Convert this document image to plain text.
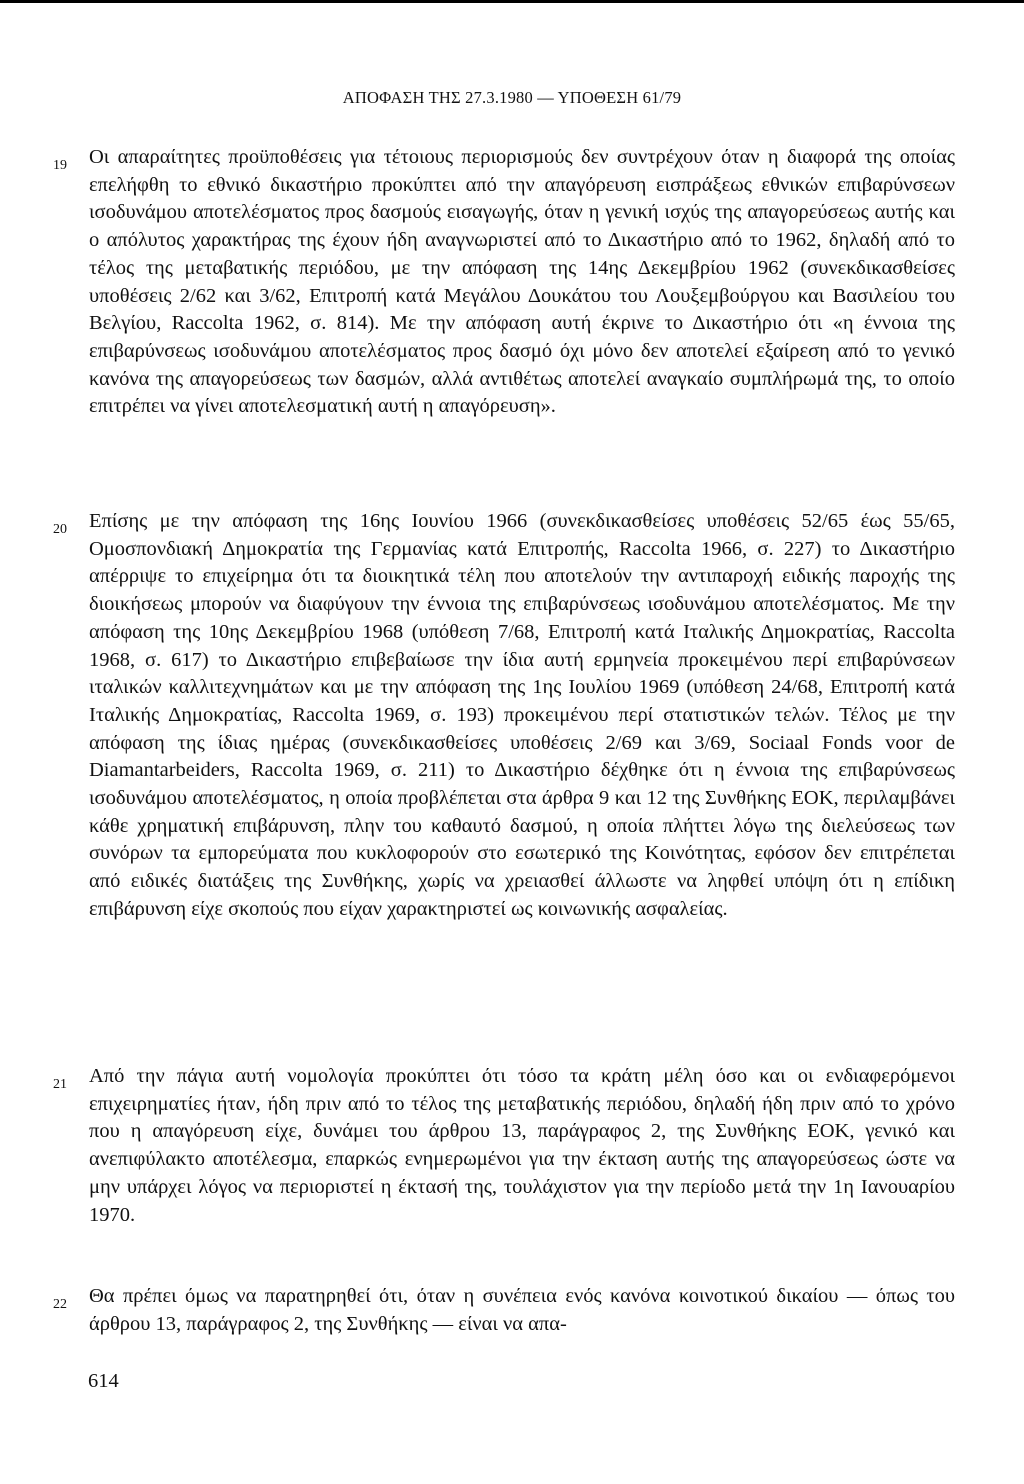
ΑΠΟΦΑΣΗ ΤΗΣ 27.3.1980 — ΥΠΟΘΕΣΗ 61/79
19 Οι απαραίτητες προϋποθέσεις για τέτοιους περιορισμούς δεν συντρέχουν όταν η διαφορά της οποίας επελήφθη το εθνικό δικαστήριο προκύπτει από την απαγόρευση εισπράξεως εθνικών επιβαρύνσεων ισοδυνάμου αποτελέσματος προς δασμούς εισαγωγής, όταν η γενική ισχύς της απαγορεύσεως αυτής και ο απόλυτος χαρακτήρας της έχουν ήδη αναγνωριστεί από το Δικαστήριο από το 1962, δηλαδή από το τέλος της μεταβατικής περιόδου, με την απόφαση της 14ης Δεκεμβρίου 1962 (συνεκδικασθείσες υποθέσεις 2/62 και 3/62, Επιτροπή κατά Μεγάλου Δουκάτου του Λουξεμβούργου και Βασιλείου του Βελγίου, Raccolta 1962, σ. 814). Με την απόφαση αυτή έκρινε το Δικαστήριο ότι «η έννοια της επιβαρύνσεως ισοδυνάμου αποτελέσματος προς δασμό όχι μόνο δεν αποτελεί εξαίρεση από το γενικό κανόνα της απαγορεύσεως των δασμών, αλλά αντιθέτως αποτελεί αναγκαίο συμπλήρωμά της, το οποίο επιτρέπει να γίνει αποτελεσματική αυτή η απαγόρευση».
20 Επίσης με την απόφαση της 16ης Ιουνίου 1966 (συνεκδικασθείσες υποθέσεις 52/65 έως 55/65, Ομοσπονδιακή Δημοκρατία της Γερμανίας κατά Επιτροπής, Raccolta 1966, σ. 227) το Δικαστήριο απέρριψε το επιχείρημα ότι τα διοικητικά τέλη που αποτελούν την αντιπαροχή ειδικής παροχής της διοικήσεως μπορούν να διαφύγουν την έννοια της επιβαρύνσεως ισοδυνάμου αποτελέσματος. Με την απόφαση της 10ης Δεκεμβρίου 1968 (υπόθεση 7/68, Επιτροπή κατά Ιταλικής Δημοκρατίας, Raccolta 1968, σ. 617) το Δικαστήριο επιβεβαίωσε την ίδια αυτή ερμηνεία προκειμένου περί επιβαρύνσεων ιταλικών καλλιτεχνημάτων και με την απόφαση της 1ης Ιουλίου 1969 (υπόθεση 24/68, Επιτροπή κατά Ιταλικής Δημοκρατίας, Raccolta 1969, σ. 193) προκειμένου περί στατιστικών τελών. Τέλος με την απόφαση της ίδιας ημέρας (συνεκδικασθείσες υποθέσεις 2/69 και 3/69, Sociaal Fonds voor de Diamantarbeiders, Raccolta 1969, σ. 211) το Δικαστήριο δέχθηκε ότι η έννοια της επιβαρύνσεως ισοδυνάμου αποτελέσματος, η οποία προβλέπεται στα άρθρα 9 και 12 της Συνθήκης ΕΟΚ, περιλαμβάνει κάθε χρηματική επιβάρυνση, πλην του καθαυτό δασμού, η οποία πλήττει λόγω της διελεύσεως των συνόρων τα εμπορεύματα που κυκλοφορούν στο εσωτερικό της Κοινότητας, εφόσον δεν επιτρέπεται από ειδικές διατάξεις της Συνθήκης, χωρίς να χρειασθεί άλλωστε να ληφθεί υπόψη ότι η επίδικη επιβάρυνση είχε σκοπούς που είχαν χαρακτηριστεί ως κοινωνικής ασφαλείας.
21 Από την πάγια αυτή νομολογία προκύπτει ότι τόσο τα κράτη μέλη όσο και οι ενδιαφερόμενοι επιχειρηματίες ήταν, ήδη πριν από το τέλος της μεταβατικής περιόδου, δηλαδή ήδη πριν από το χρόνο που η απαγόρευση είχε, δυνάμει του άρθρου 13, παράγραφος 2, της Συνθήκης ΕΟΚ, γενικό και ανεπιφύλακτο αποτέλεσμα, επαρκώς ενημερωμένοι για την έκταση αυτής της απαγορεύσεως ώστε να μην υπάρχει λόγος να περιοριστεί η έκτασή της, τουλάχιστον για την περίοδο μετά την 1η Ιανουαρίου 1970.
22 Θα πρέπει όμως να παρατηρηθεί ότι, όταν η συνέπεια ενός κανόνα κοινοτικού δικαίου — όπως του άρθρου 13, παράγραφος 2, της Συνθήκης — είναι να απα-
614
